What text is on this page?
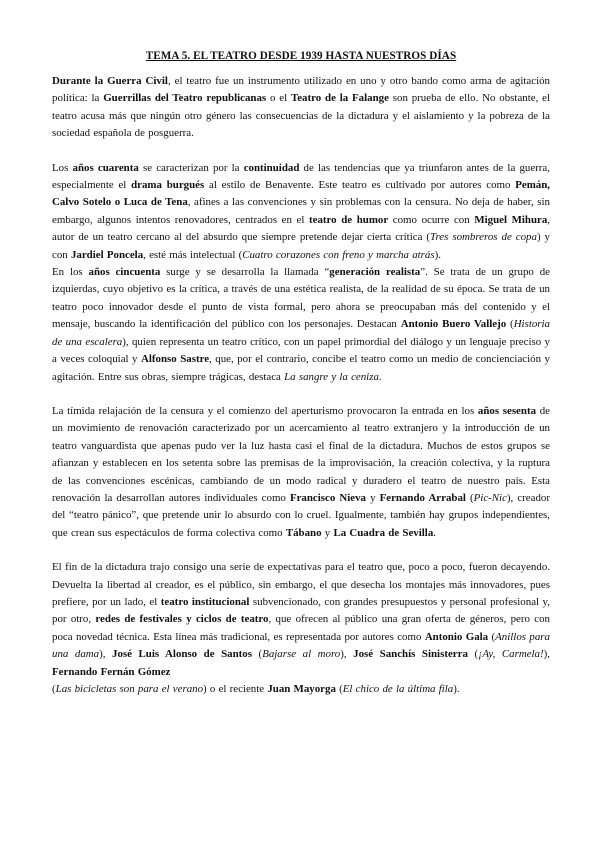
TEMA 5. EL TEATRO DESDE 1939 HASTA NUESTROS DÍAS

Durante la Guerra Civil, el teatro fue un instrumento utilizado en uno y otro bando como arma de agitación política: la Guerrillas del Teatro republicanas o el Teatro de la Falange son prueba de ello. No obstante, el teatro acusa más que ningún otro género las consecuencias de la dictadura y el aislamiento y la pobreza de la sociedad española de posguerra.

Los años cuarenta se caracterizan por la continuidad de las tendencias que ya triunfaron antes de la guerra, especialmente el drama burgués al estilo de Benavente. Este teatro es cultivado por autores como Pemán, Calvo Sotelo o Luca de Tena, afines a las convenciones y sin problemas con la censura. No deja de haber, sin embargo, algunos intentos renovadores, centrados en el teatro de humor como ocurre con Miguel Mihura, autor de un teatro cercano al del absurdo que siempre pretende dejar cierta crítica (Tres sombreros de copa) y con Jardiel Poncela, esté más intelectual (Cuatro corazones con freno y marcha atrás).

En los años cincuenta surge y se desarrolla la llamada “generación realista”. Se trata de un grupo de izquierdas, cuyo objetivo es la crítica, a través de una estética realista, de la realidad de su época. Se trata de un teatro poco innovador desde el punto de vista formal, pero ahora se preocupaban más del contenido y el mensaje, buscando la identificación del público con los personajes. Destacan Antonio Buero Vallejo (Historia de una escalera), quien representa un teatro crítico, con un papel primordial del diálogo y un lenguaje preciso y a veces coloquial y Alfonso Sastre, que, por el contrario, concibe el teatro como un medio de concienciación y agitación. Entre sus obras, siempre trágicas, destaca La sangre y la ceniza.

La tímida relajación de la censura y el comienzo del aperturismo provocaron la entrada en los años sesenta de un movimiento de renovación caracterizado por un acercamiento al teatro extranjero y la introducción de un teatro vanguardista que apenas pudo ver la luz hasta casi el final de la dictadura. Muchos de estos grupos se afianzan y establecen en los setenta sobre las premisas de la improvisación, la creación colectiva, y la ruptura de las convenciones escénicas, cambiando de un modo radical y duradero el teatro de nuestro país. Esta renovación la desarrollan autores individuales como Francisco Nieva y Fernando Arrabal (Pic-Nic), creador del “teatro pánico”, que pretende unir lo absurdo con lo cruel. Igualmente, también hay grupos independientes, que crean sus espectáculos de forma colectiva como Tábano y La Cuadra de Sevilla.

El fin de la dictadura trajo consigo una serie de expectativas para el teatro que, poco a poco, fueron decayendo. Devuelta la libertad al creador, es el público, sin embargo, el que desecha los montajes más innovadores, pues prefiere, por un lado, el teatro institucional subvencionado, con grandes presupuestos y personal profesional y, por otro, redes de festivales y ciclos de teatro, que ofrecen al público una gran oferta de géneros, pero con poca novedad técnica. Esta línea más tradicional, es representada por autores como Antonio Gala (Anillos para una dama), José Luis Alonso de Santos (Bajarse al moro), José Sanchís Sinisterra (¡Ay, Carmela!), Fernando Fernán Gómez
(Las bicicletas son para el verano) o el reciente Juan Mayorga (El chico de la última fila).
